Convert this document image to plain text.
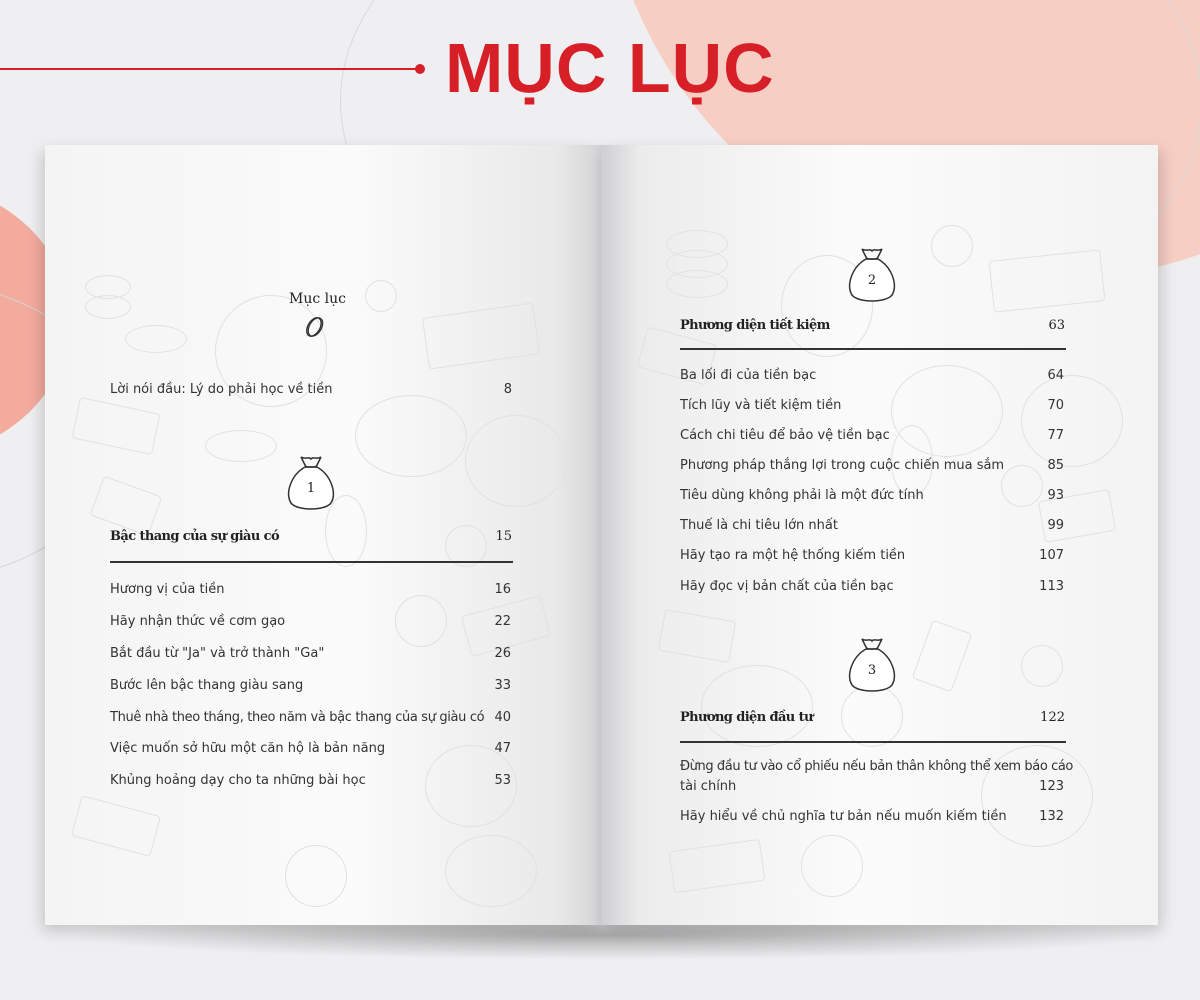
MỤC LỤC
Mục lục
Lời nói đầu: Lý do phải học về tiền	8
1
Bậc thang của sự giàu có	15
Hương vị của tiền	16
Hãy nhận thức về cơm gạo	22
Bắt đầu từ "Ja" và trở thành "Ga"	26
Bước lên bậc thang giàu sang	33
Thuê nhà theo tháng, theo năm và bậc thang của sự giàu có 40
Việc muốn sở hữu một căn hộ là bản năng	47
Khủng hoảng dạy cho ta những bài học	53
2
Phương diện tiết kiệm	63
Ba lối đi của tiền bạc	64
Tích lũy và tiết kiệm tiền	70
Cách chi tiêu để bảo vệ tiền bạc	77
Phương pháp thắng lợi trong cuộc chiến mua sắm	85
Tiêu dùng không phải là một đức tính	93
Thuế là chi tiêu lớn nhất	99
Hãy tạo ra một hệ thống kiếm tiền	107
Hãy đọc vị bản chất của tiền bạc	113
3
Phương diện đầu tư	122
Đừng đầu tư vào cổ phiếu nếu bản thân không thể xem báo cáo
tài chính	123
Hãy hiểu về chủ nghĩa tư bản nếu muốn kiếm tiền	132
